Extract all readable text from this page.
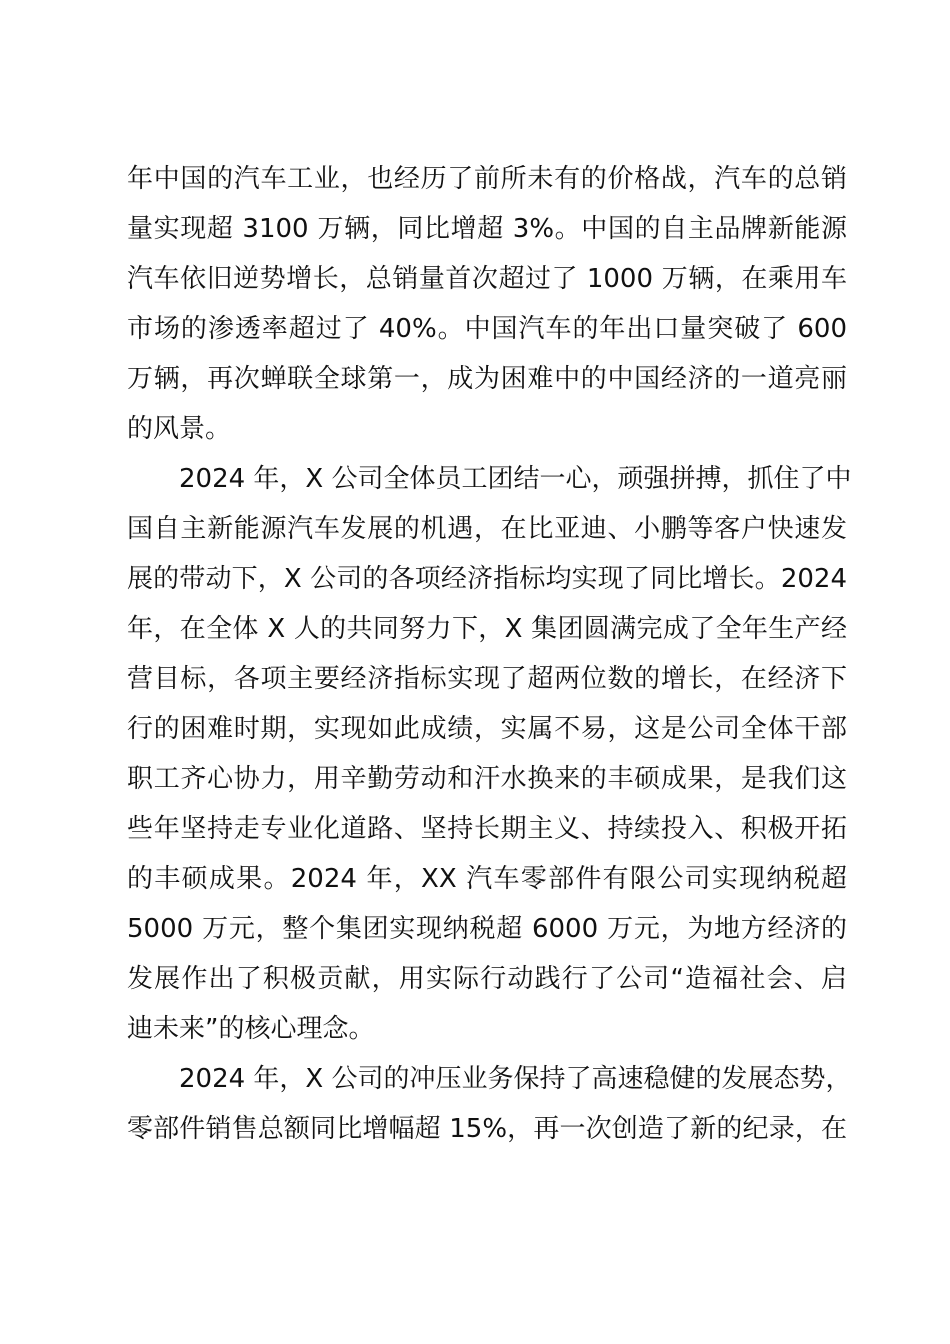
年中国的汽车工业，也经历了前所未有的价格战，汽车的总销
量实现超 3100 万辆，同比增超 3%。中国的自主品牌新能源
汽车依旧逆势增长，总销量首次超过了 1000 万辆，在乘用车
市场的渗透率超过了 40%。中国汽车的年出口量突破了 600
万辆，再次蝉联全球第一，成为困难中的中国经济的一道亮丽
的风景。
2024 年，X 公司全体员工团结一心，顽强拼搏，抓住了中
国自主新能源汽车发展的机遇，在比亚迪、小鹏等客户快速发
展的带动下，X 公司的各项经济指标均实现了同比增长。2024
年，在全体 X 人的共同努力下，X 集团圆满完成了全年生产经
营目标，各项主要经济指标实现了超两位数的增长，在经济下
行的困难时期，实现如此成绩，实属不易，这是公司全体干部
职工齐心协力，用辛勤劳动和汗水换来的丰硕成果，是我们这
些年坚持走专业化道路、坚持长期主义、持续投入、积极开拓
的丰硕成果。2024 年，XX 汽车零部件有限公司实现纳税超
5000 万元，整个集团实现纳税超 6000 万元，为地方经济的
发展作出了积极贡献，用实际行动践行了公司“造福社会、启
迪未来”的核心理念。
2024 年，X 公司的冲压业务保持了高速稳健的发展态势，
零部件销售总额同比增幅超 15%，再一次创造了新的纪录，在
